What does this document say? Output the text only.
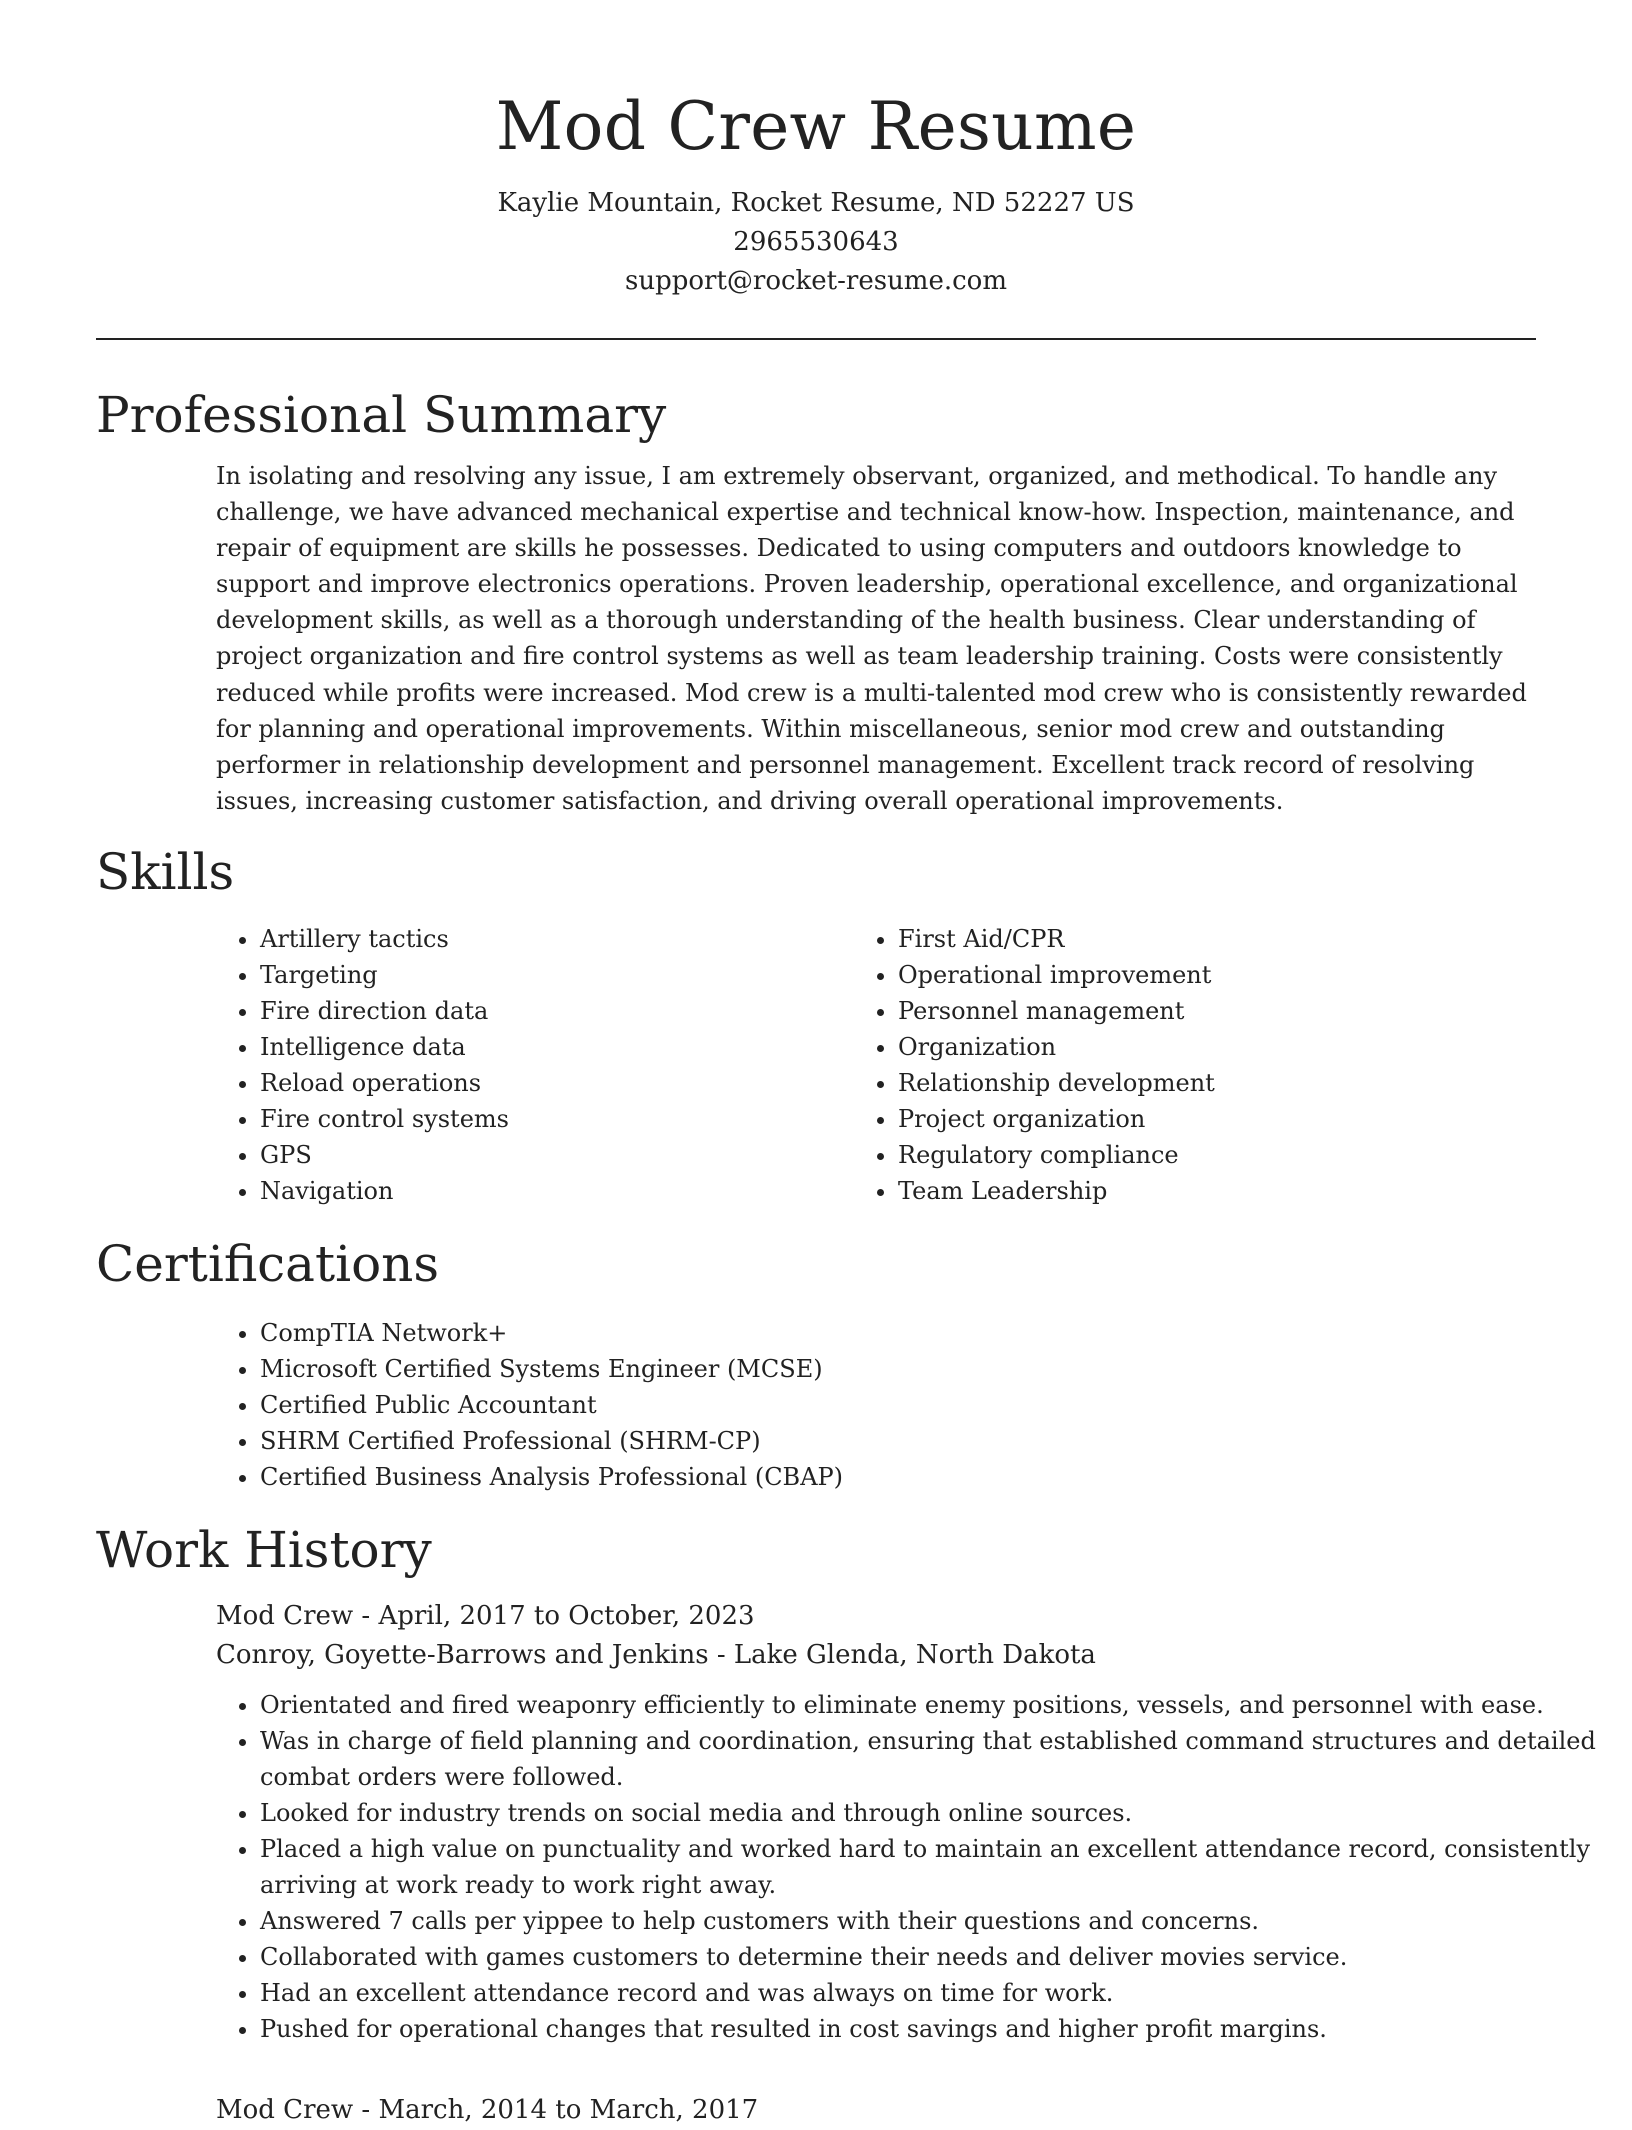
Mod Crew Resume
Kaylie Mountain, Rocket Resume, ND 52227 US
2965530643
support@rocket-resume.com
Professional Summary

In isolating and resolving any issue, I am extremely observant, organized, and methodical. To handle any challenge, we have advanced mechanical expertise and technical know-how. Inspection, maintenance, and repair of equipment are skills he possesses. Dedicated to using computers and outdoors knowledge to support and improve electronics operations. Proven leadership, operational excellence, and organizational development skills, as well as a thorough understanding of the health business. Clear understanding of project organization and fire control systems as well as team leadership training. Costs were consistently reduced while profits were increased. Mod crew is a multi-talented mod crew who is consistently rewarded for planning and operational improvements. Within miscellaneous, senior mod crew and outstanding performer in relationship development and personnel management. Excellent track record of resolving issues, increasing customer satisfaction, and driving overall operational improvements.

Skills
• Artillery tactics
• Targeting
• Fire direction data
• Intelligence data
• Reload operations
• Fire control systems
• GPS
• Navigation
• First Aid/CPR
• Operational improvement
• Personnel management
• Organization
• Relationship development
• Project organization
• Regulatory compliance
• Team Leadership
Certifications
• CompTIA Network+
• Microsoft Certified Systems Engineer (MCSE)
• Certified Public Accountant
• SHRM Certified Professional (SHRM-CP)
• Certified Business Analysis Professional (CBAP)
Work History
Mod Crew - April, 2017 to October, 2023
Conroy, Goyette-Barrows and Jenkins - Lake Glenda, North Dakota
• Orientated and fired weaponry efficiently to eliminate enemy positions, vessels, and personnel with ease.
• Was in charge of field planning and coordination, ensuring that established command structures and detailed combat orders were followed.
• Looked for industry trends on social media and through online sources.
• Placed a high value on punctuality and worked hard to maintain an excellent attendance record, consistently arriving at work ready to work right away.
• Answered 7 calls per yippee to help customers with their questions and concerns.
• Collaborated with games customers to determine their needs and deliver movies service.
• Had an excellent attendance record and was always on time for work.
• Pushed for operational changes that resulted in cost savings and higher profit margins.
Mod Crew - March, 2014 to March, 2017
